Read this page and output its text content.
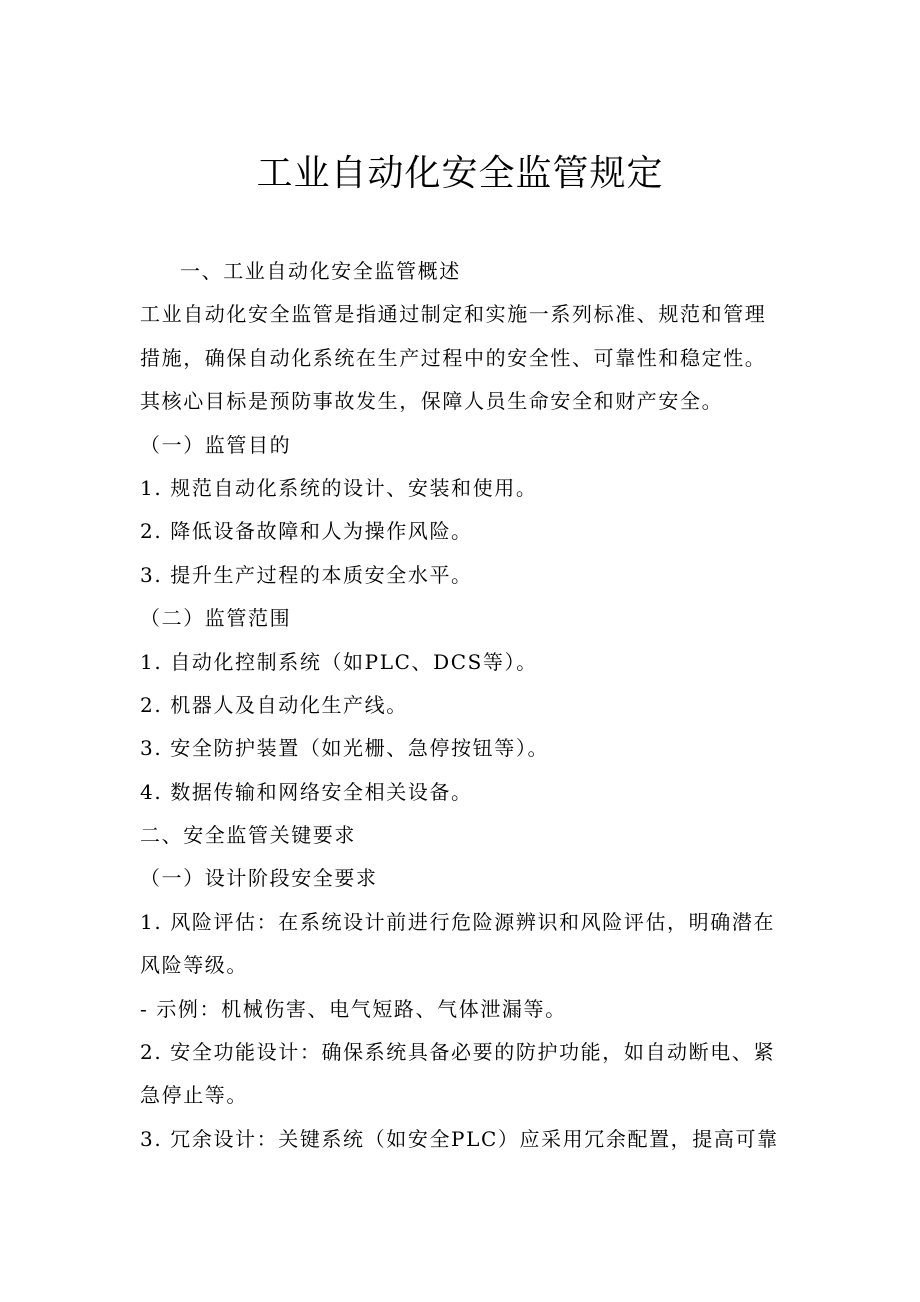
工业自动化安全监管规定
一、工业自动化安全监管概述
工业自动化安全监管是指通过制定和实施一系列标准、规范和管理
措施，确保自动化系统在生产过程中的安全性、可靠性和稳定性。
其核心目标是预防事故发生，保障人员生命安全和财产安全。
（一）监管目的
1. 规范自动化系统的设计、安装和使用。
2. 降低设备故障和人为操作风险。
3. 提升生产过程的本质安全水平。
（二）监管范围
1. 自动化控制系统（如PLC、DCS等）。
2. 机器人及自动化生产线。
3. 安全防护装置（如光栅、急停按钮等）。
4. 数据传输和网络安全相关设备。
二、安全监管关键要求
（一）设计阶段安全要求
1. 风险评估：在系统设计前进行危险源辨识和风险评估，明确潜在
风险等级。
- 示例：机械伤害、电气短路、气体泄漏等。
2. 安全功能设计：确保系统具备必要的防护功能，如自动断电、紧
急停止等。
3. 冗余设计：关键系统（如安全PLC）应采用冗余配置，提高可靠
